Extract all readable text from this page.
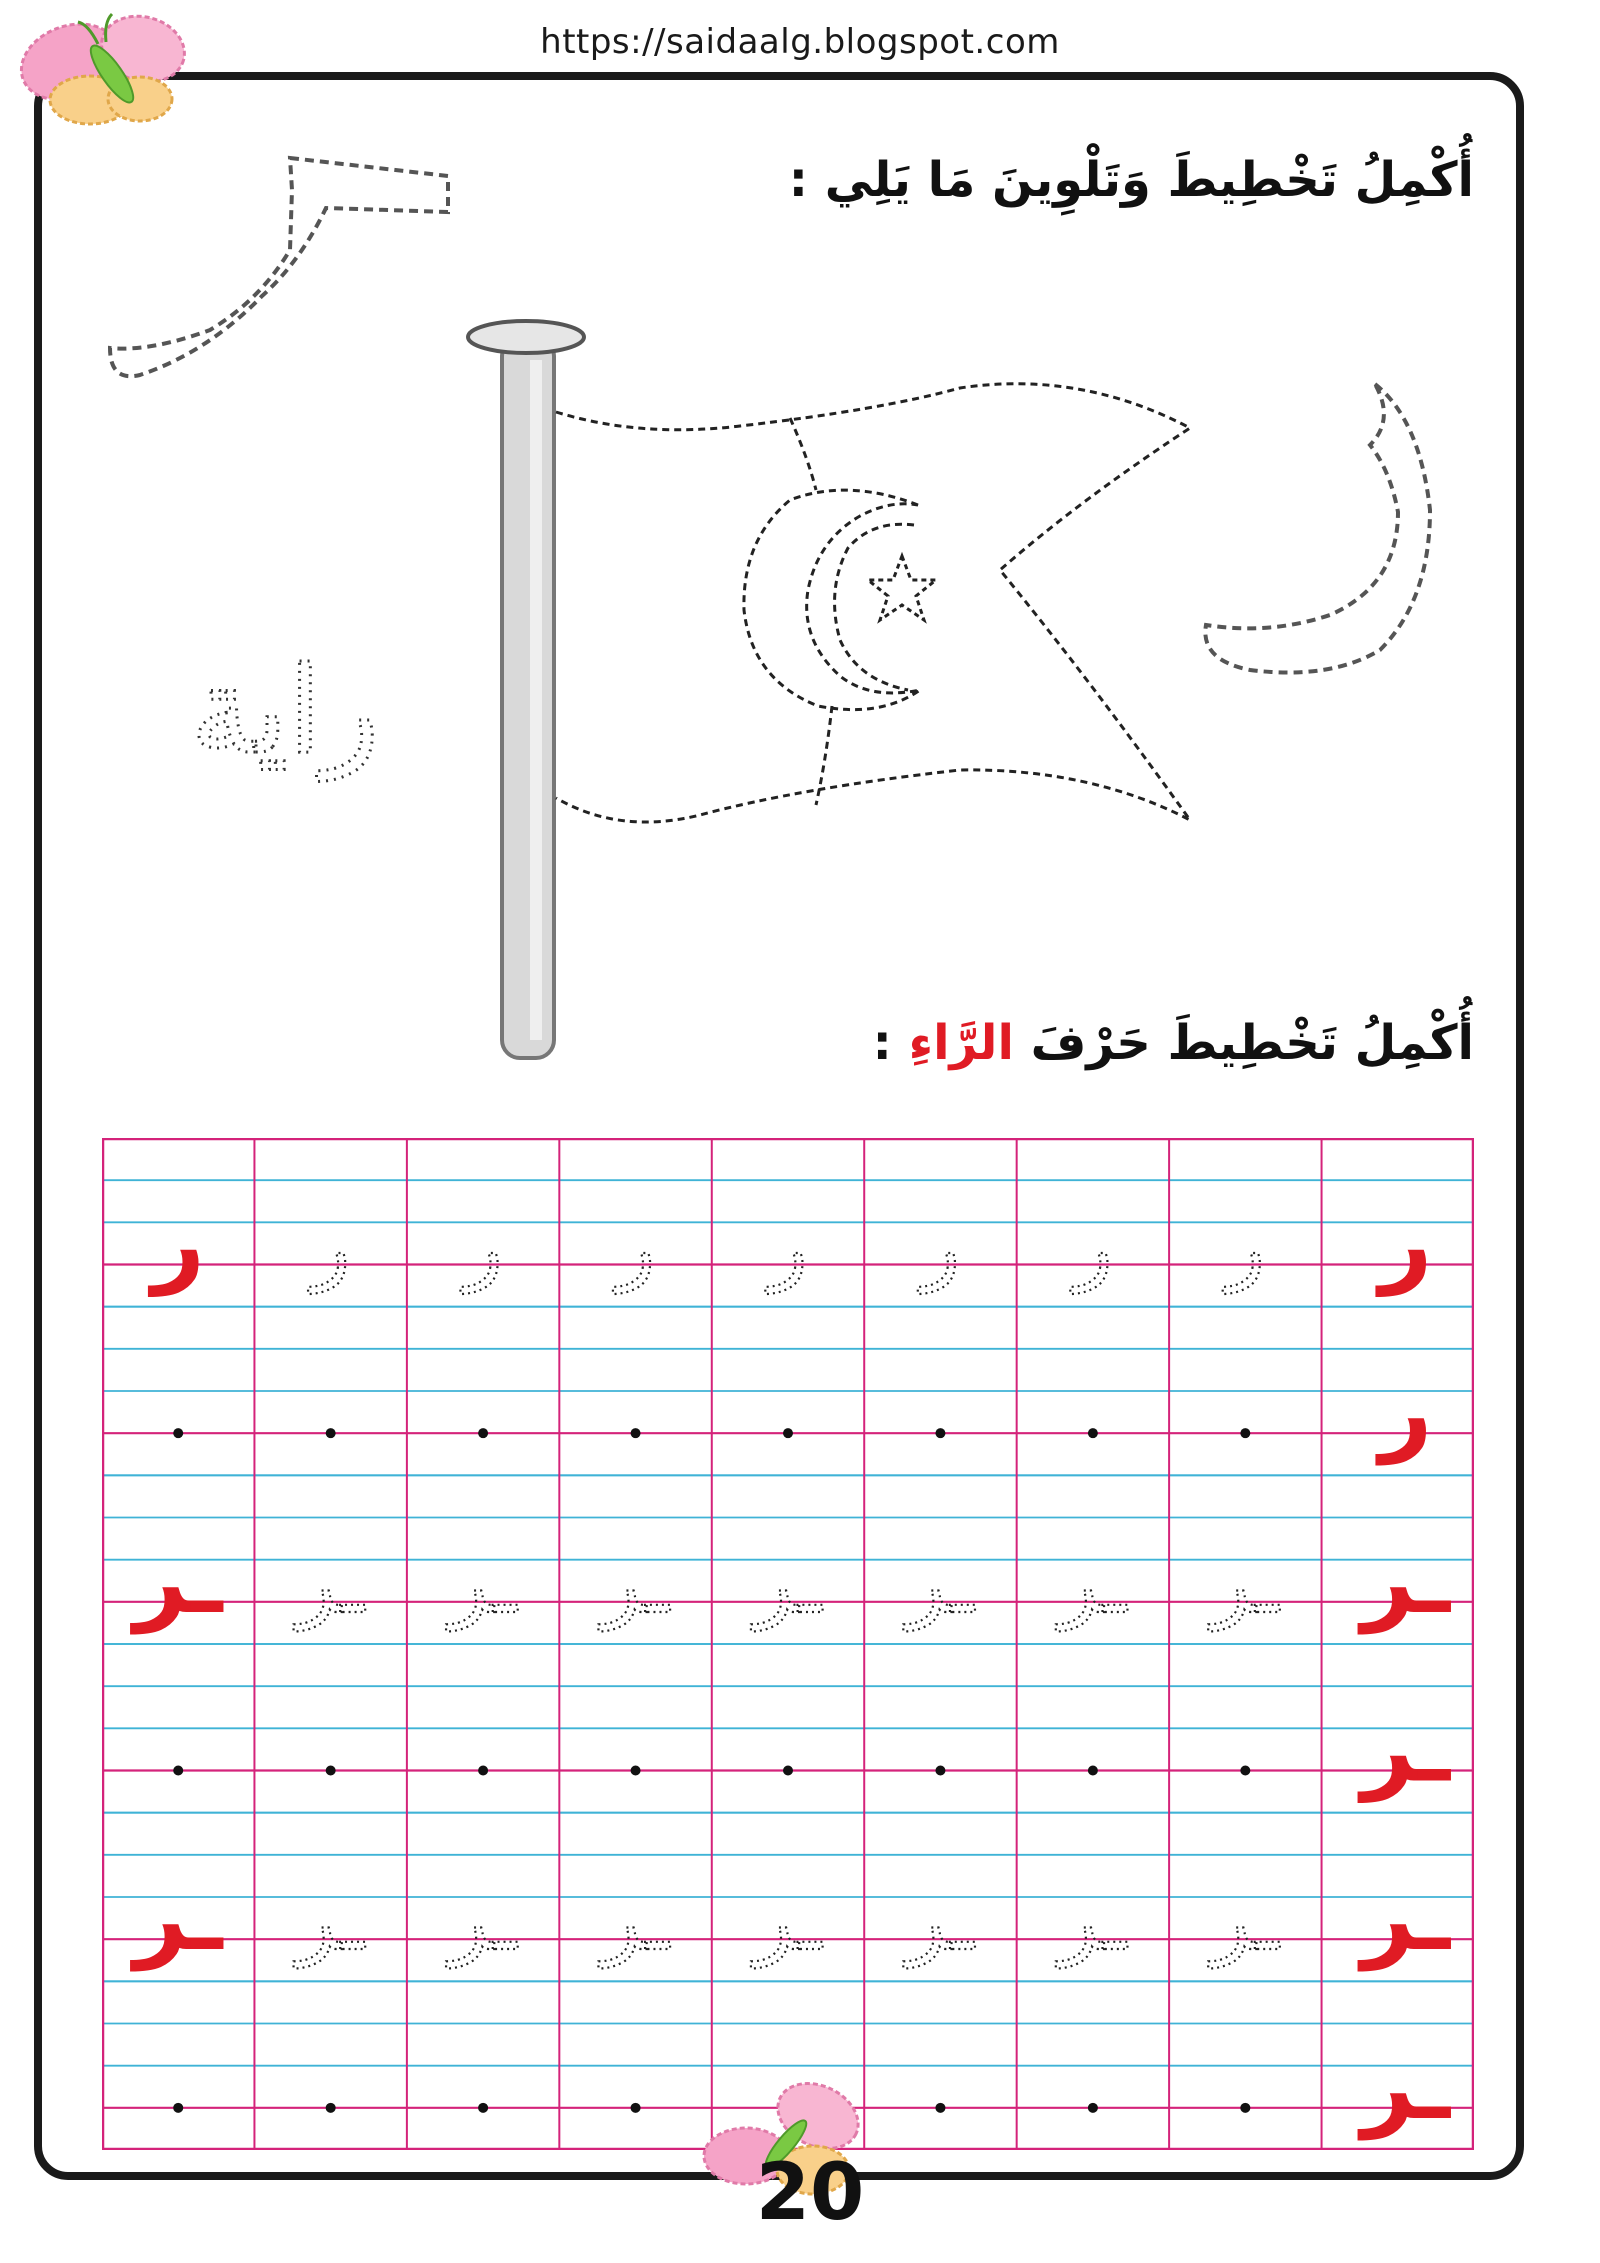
https://saidaalg.blogspot.com
أُكْمِلُ تَخْطِيطَ وَتَلْوِينَ مَا يَلِي :
راية
أُكْمِلُ تَخْطِيطَ حَرْفَ الرَّاءِ :
ر ر ر ر ر ر ر ر ر
ر
ـر ـر ـر ـر ـر ـر ـر ـر ـر
ـر
ـر ـر ـر ـر ـر ـر ـر ـر ـر
ـر
20
